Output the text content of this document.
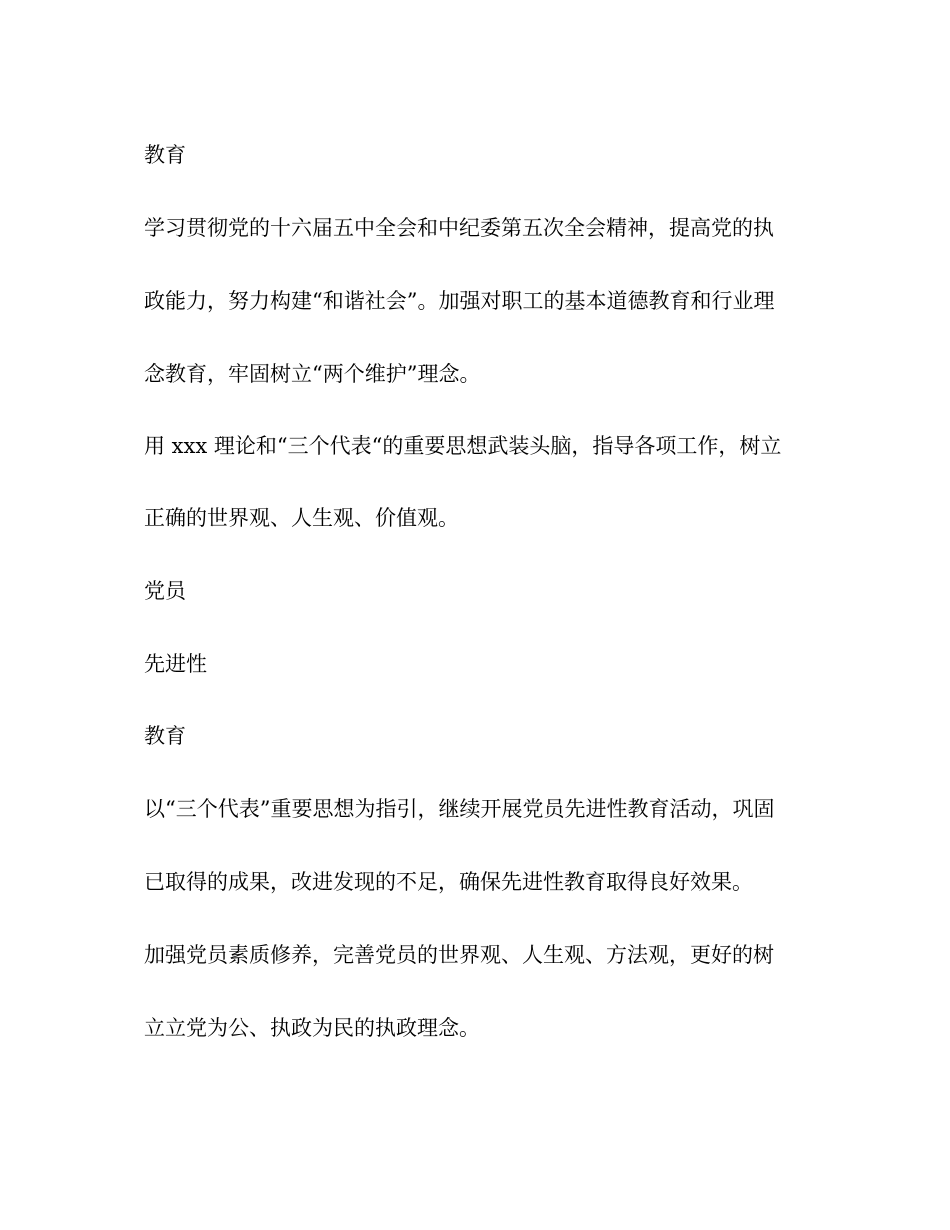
教育
学习贯彻党的十六届五中全会和中纪委第五次全会精神，提高党的执
政能力，努力构建“和谐社会”。加强对职工的基本道德教育和行业理
念教育，牢固树立“两个维护”理念。
用 xxx 理论和“三个代表“的重要思想武装头脑，指导各项工作，树立
正确的世界观、人生观、价值观。
党员
先进性
教育
以“三个代表”重要思想为指引，继续开展党员先进性教育活动，巩固
已取得的成果，改进发现的不足，确保先进性教育取得良好效果。
加强党员素质修养，完善党员的世界观、人生观、方法观，更好的树
立立党为公、执政为民的执政理念。
